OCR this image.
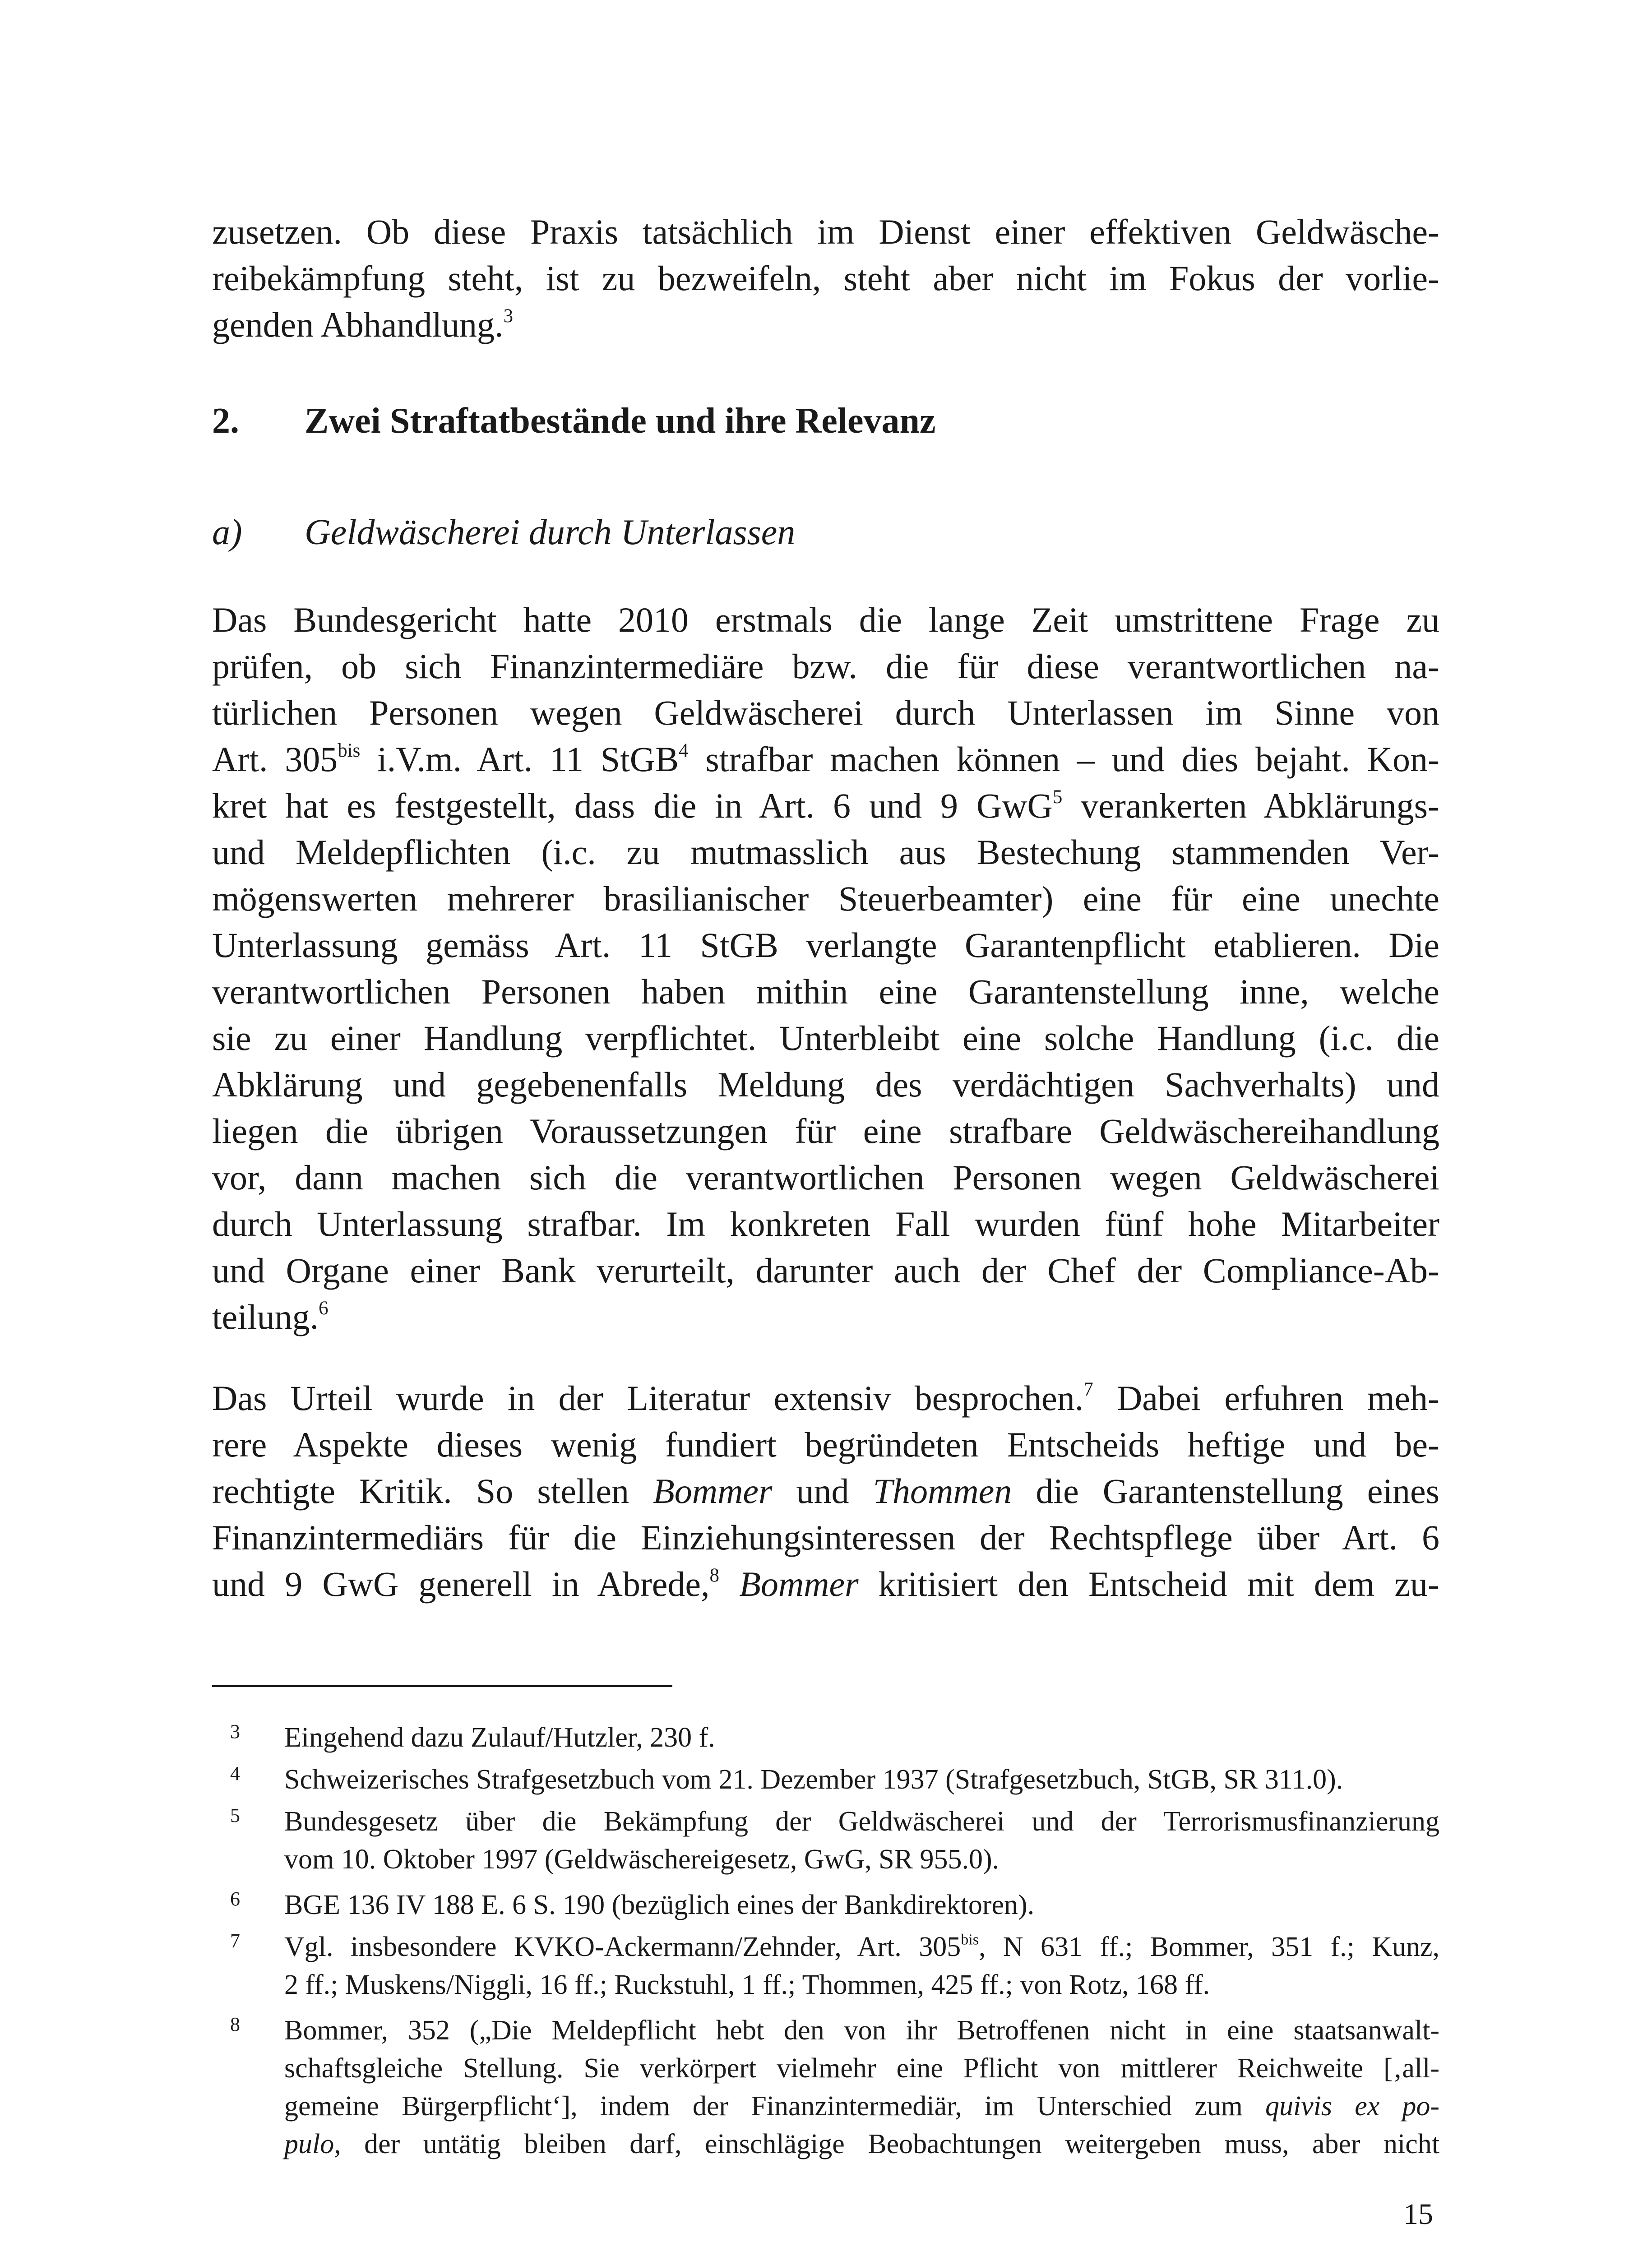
zusetzen. Ob diese Praxis tatsächlich im Dienst einer effektiven Geldwäsche-
reibekämpfung steht, ist zu bezweifeln, steht aber nicht im Fokus der vorlie-
genden Abhandlung.$^3$
2. Zwei Straftatbestände und ihre Relevanz
a) Geldwäscherei durch Unterlassen
Das Bundesgericht hatte 2010 erstmals die lange Zeit umstrittene Frage zu
prüfen, ob sich Finanzintermediäre bzw. die für diese verantwortlichen na-
türlichen Personen wegen Geldwäscherei durch Unterlassen im Sinne von
Art. $305^{bis}$ i.V.m. Art. 11 StGB$^4$ strafbar machen können – und dies bejaht. Kon-
kret hat es festgestellt, dass die in Art. 6 und 9 GwG$^5$ verankerten Abklärungs-
und Meldepflichten (i.c. zu mutmasslich aus Bestechung stammenden Ver-
mögenswerten mehrerer brasilianischer Steuerbeamter) eine für eine unechte
Unterlassung gemäss Art. 11 StGB verlangte Garantenpflicht etablieren. Die
verantwortlichen Personen haben mithin eine Garantenstellung inne, welche
sie zu einer Handlung verpflichtet. Unterbleibt eine solche Handlung (i.c. die
Abklärung und gegebenenfalls Meldung des verdächtigen Sachverhalts) und
liegen die übrigen Voraussetzungen für eine strafbare Geldwäschereihandlung
vor, dann machen sich die verantwortlichen Personen wegen Geldwäscherei
durch Unterlassung strafbar. Im konkreten Fall wurden fünf hohe Mitarbeiter
und Organe einer Bank verurteilt, darunter auch der Chef der Compliance-Ab-
teilung.$^6$
Das Urteil wurde in der Literatur extensiv besprochen.$^7$ Dabei erfuhren meh-
rere Aspekte dieses wenig fundiert begründeten Entscheids heftige und be-
rechtigte Kritik. So stellen Bommer und Thommen die Garantenstellung eines
Finanzintermediärs für die Einziehungsinteressen der Rechtspflege über Art. 6
und 9 GwG generell in Abrede,$^8$ Bommer kritisiert den Entscheid mit dem zu-
3 Eingehend dazu Zulauf/Hutzler, 230 f.
4 Schweizerisches Strafgesetzbuch vom 21. Dezember 1937 (Strafgesetzbuch, StGB, SR 311.0).
5 Bundesgesetz über die Bekämpfung der Geldwäscherei und der Terrorismusfinanzierung
vom 10. Oktober 1997 (Geldwäschereigesetz, GwG, SR 955.0).
6 BGE 136 IV 188 E. 6 S. 190 (bezüglich eines der Bankdirektoren).
7 Vgl. insbesondere KVKO-Ackermann/Zehnder, Art. $305^{bis}$, N 631 ff.; Bommer, 351 f.; Kunz,
2 ff.; Muskens/Niggli, 16 ff.; Ruckstuhl, 1 ff.; Thommen, 425 ff.; von Rotz, 168 ff.
8 Bommer, 352 („Die Meldepflicht hebt den von ihr Betroffenen nicht in eine staatsanwalt-
schaftsgleiche Stellung. Sie verkörpert vielmehr eine Pflicht von mittlerer Reichweite [‚all-
gemeine Bürgerpflicht‘], indem der Finanzintermediär, im Unterschied zum quivis ex po-
pulo, der untätig bleiben darf, einschlägige Beobachtungen weitergeben muss, aber nicht
15
